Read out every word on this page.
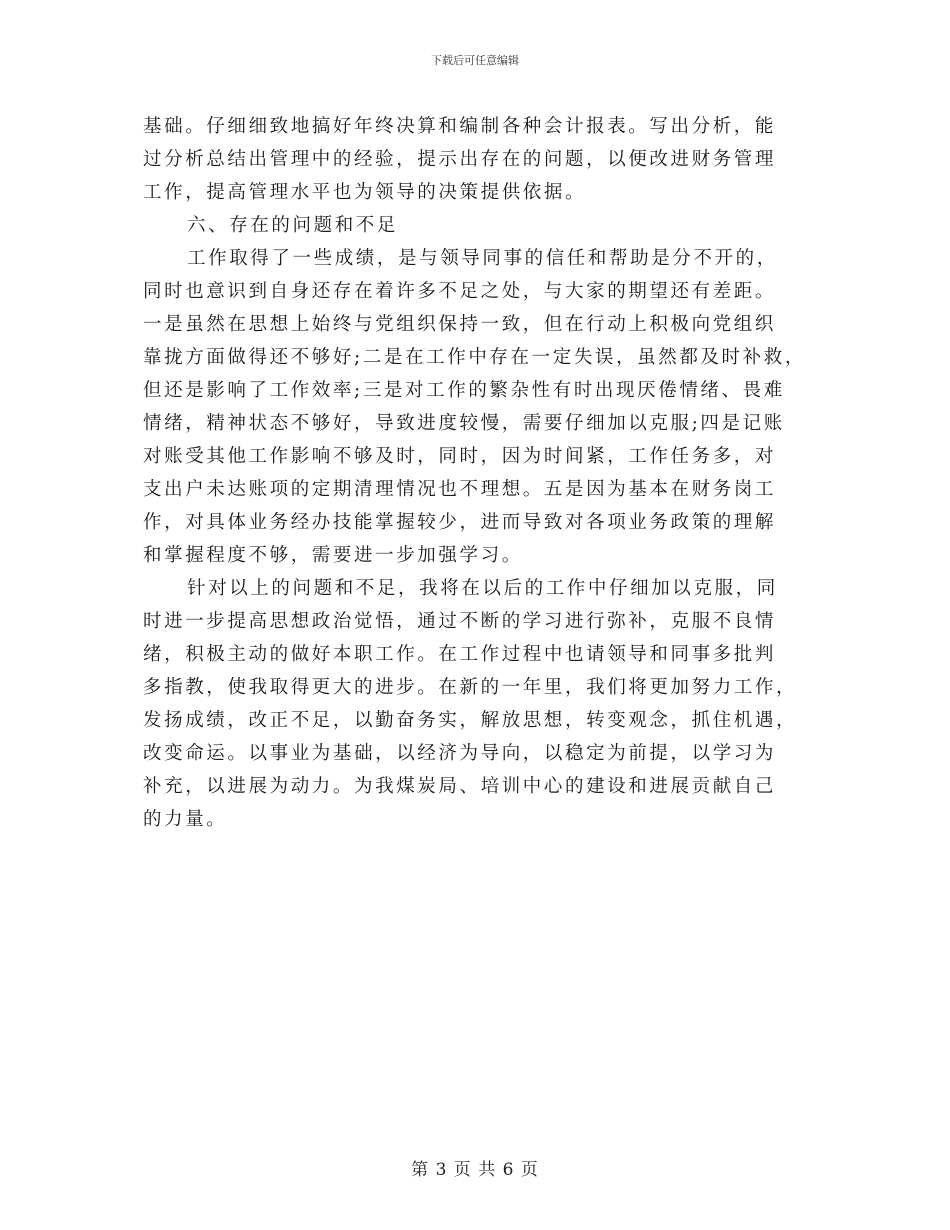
下载后可任意编辑
基础。仔细细致地搞好年终决算和编制各种会计报表。写出分析，能
过分析总结出管理中的经验，提示出存在的问题，以便改进财务管理
工作，提高管理水平也为领导的决策提供依据。
六、存在的问题和不足
工作取得了一些成绩，是与领导同事的信任和帮助是分不开的，
同时也意识到自身还存在着许多不足之处，与大家的期望还有差距。
一是虽然在思想上始终与党组织保持一致，但在行动上积极向党组织
靠拢方面做得还不够好;二是在工作中存在一定失误，虽然都及时补救，
但还是影响了工作效率;三是对工作的繁杂性有时出现厌倦情绪、畏难
情绪，精神状态不够好，导致进度较慢，需要仔细加以克服;四是记账
对账受其他工作影响不够及时，同时，因为时间紧，工作任务多，对
支出户未达账项的定期清理情况也不理想。五是因为基本在财务岗工
作，对具体业务经办技能掌握较少，进而导致对各项业务政策的理解
和掌握程度不够，需要进一步加强学习。
针对以上的问题和不足，我将在以后的工作中仔细加以克服，同
时进一步提高思想政治觉悟，通过不断的学习进行弥补，克服不良情
绪，积极主动的做好本职工作。在工作过程中也请领导和同事多批判
多指教，使我取得更大的进步。在新的一年里，我们将更加努力工作，
发扬成绩，改正不足，以勤奋务实，解放思想，转变观念，抓住机遇，
改变命运。以事业为基础，以经济为导向，以稳定为前提，以学习为
补充，以进展为动力。为我煤炭局、培训中心的建设和进展贡献自己
的力量。
第 3 页 共 6 页
